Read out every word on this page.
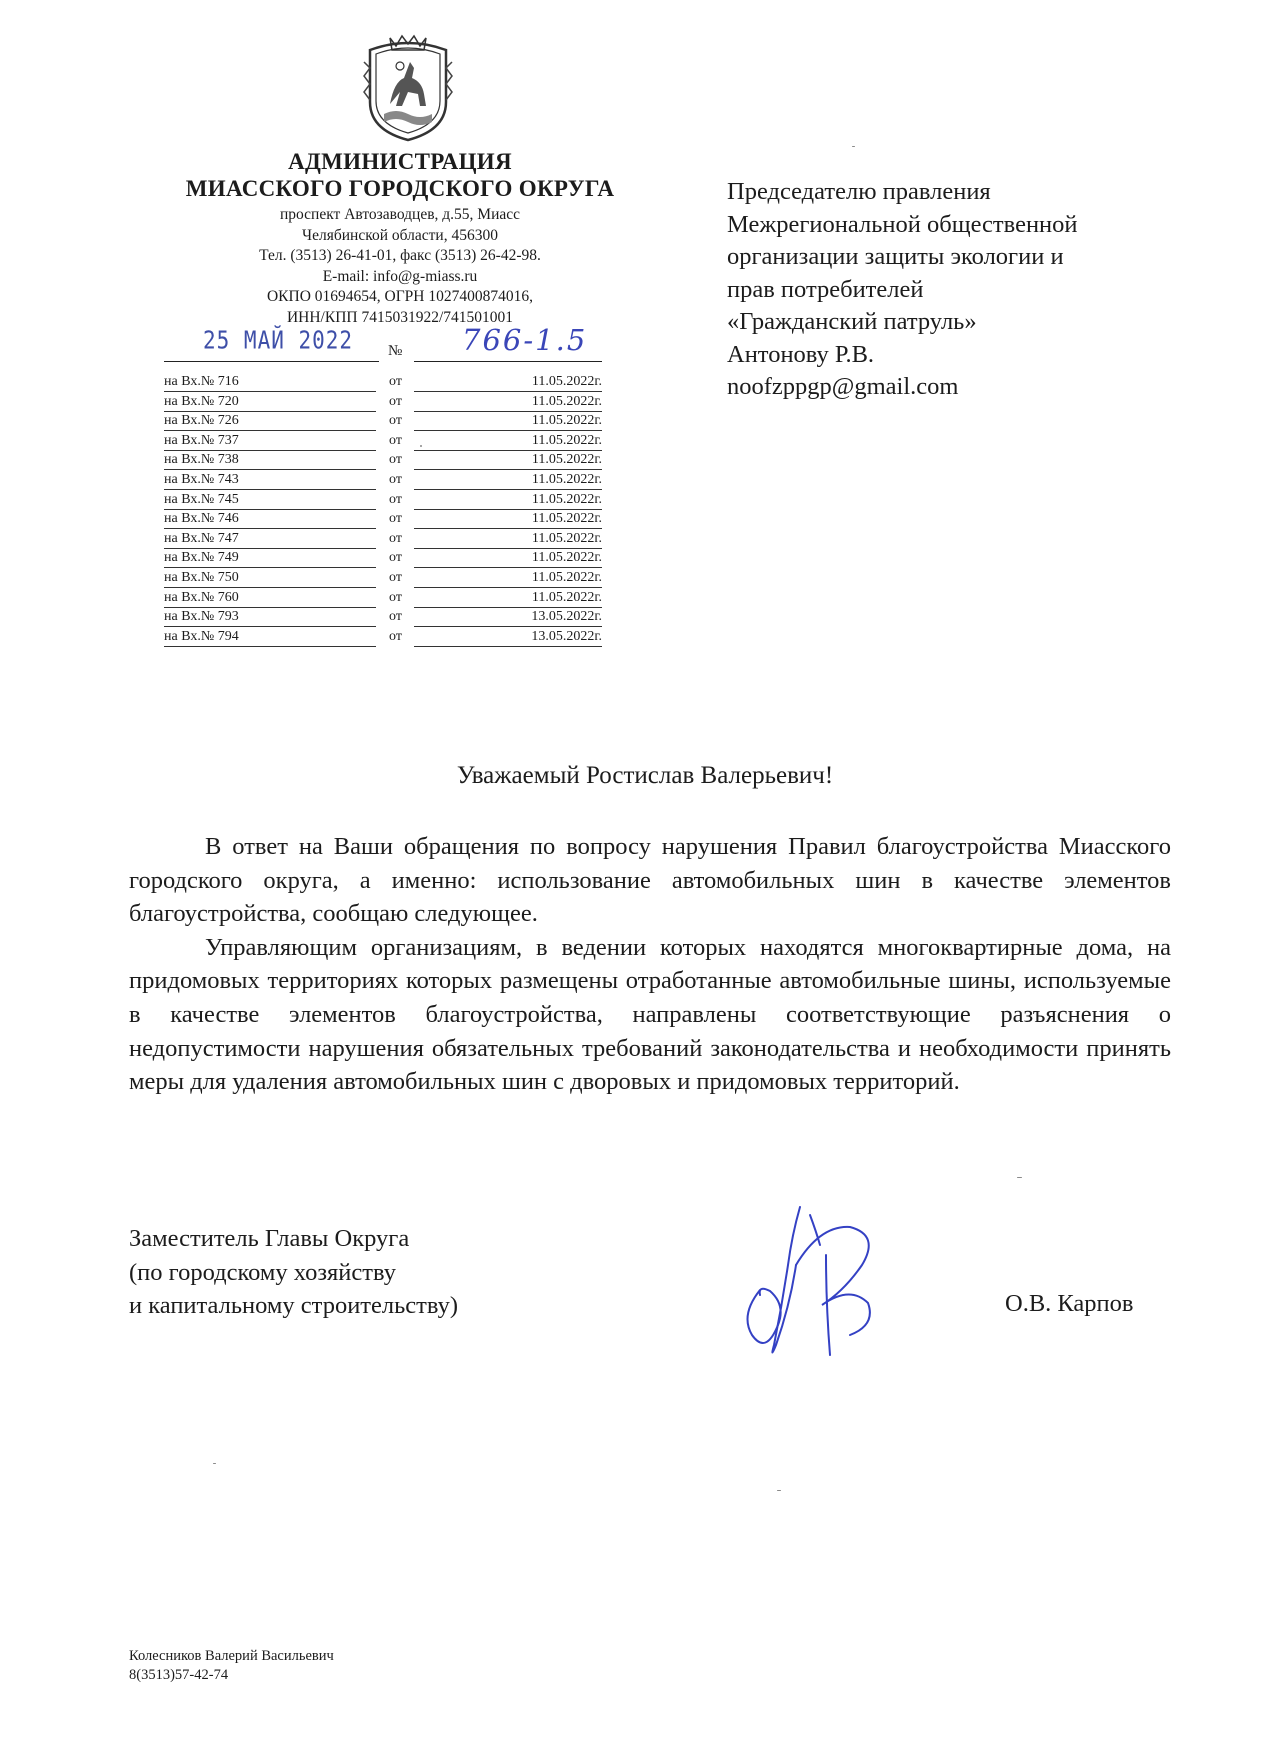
АДМИНИСТРАЦИЯ
МИАССКОГО ГОРОДСКОГО ОКРУГА
проспект Автозаводцев, д.55, Миасс
Челябинской области, 456300
Тел. (3513) 26-41-01, факс (3513) 26-42-98.
E-mail: info@g-miass.ru
ОКПО 01694654, ОГРН 1027400874016,
ИНН/КПП 7415031922/741501001
№
25 МАЙ 2022	766-1.5
на Вх.№ 716	от	11.05.2022г.
на Вх.№ 720	от	11.05.2022г.
на Вх.№ 726	от	11.05.2022г.
на Вх.№ 737	от	11.05.2022г.
на Вх.№ 738	от	11.05.2022г.
на Вх.№ 743	от	11.05.2022г.
на Вх.№ 745	от	11.05.2022г.
на Вх.№ 746	от	11.05.2022г.
на Вх.№ 747	от	11.05.2022г.
на Вх.№ 749	от	11.05.2022г.
на Вх.№ 750	от	11.05.2022г.
на Вх.№ 760	от	11.05.2022г.
на Вх.№ 793	от	13.05.2022г.
на Вх.№ 794	от	13.05.2022г.
Председателю правления
Межрегиональной общественной
организации защиты экологии и
прав потребителей
«Гражданский патруль»
Антонову Р.В.
noofzppgp@gmail.com
Уважаемый Ростислав Валерьевич!

В ответ на Ваши обращения по вопросу нарушения Правил благоустройства Миасского городского округа, а именно: использование автомобильных шин в качестве элементов благоустройства, сообщаю следующее.

Управляющим организациям, в ведении которых находятся многоквартирные дома, на придомовых территориях которых размещены отработанные автомобильные шины, используемые в качестве элементов благоустройства, направлены соответствующие разъяснения о недопустимости нарушения обязательных требований законодательства и необходимости принять меры для удаления автомобильных шин с дворовых и придомовых территорий.

Заместитель Главы Округа
(по городскому хозяйству
и капитальному строительству)	О.В. Карпов
Колесников Валерий Васильевич
8(3513)57-42-74
